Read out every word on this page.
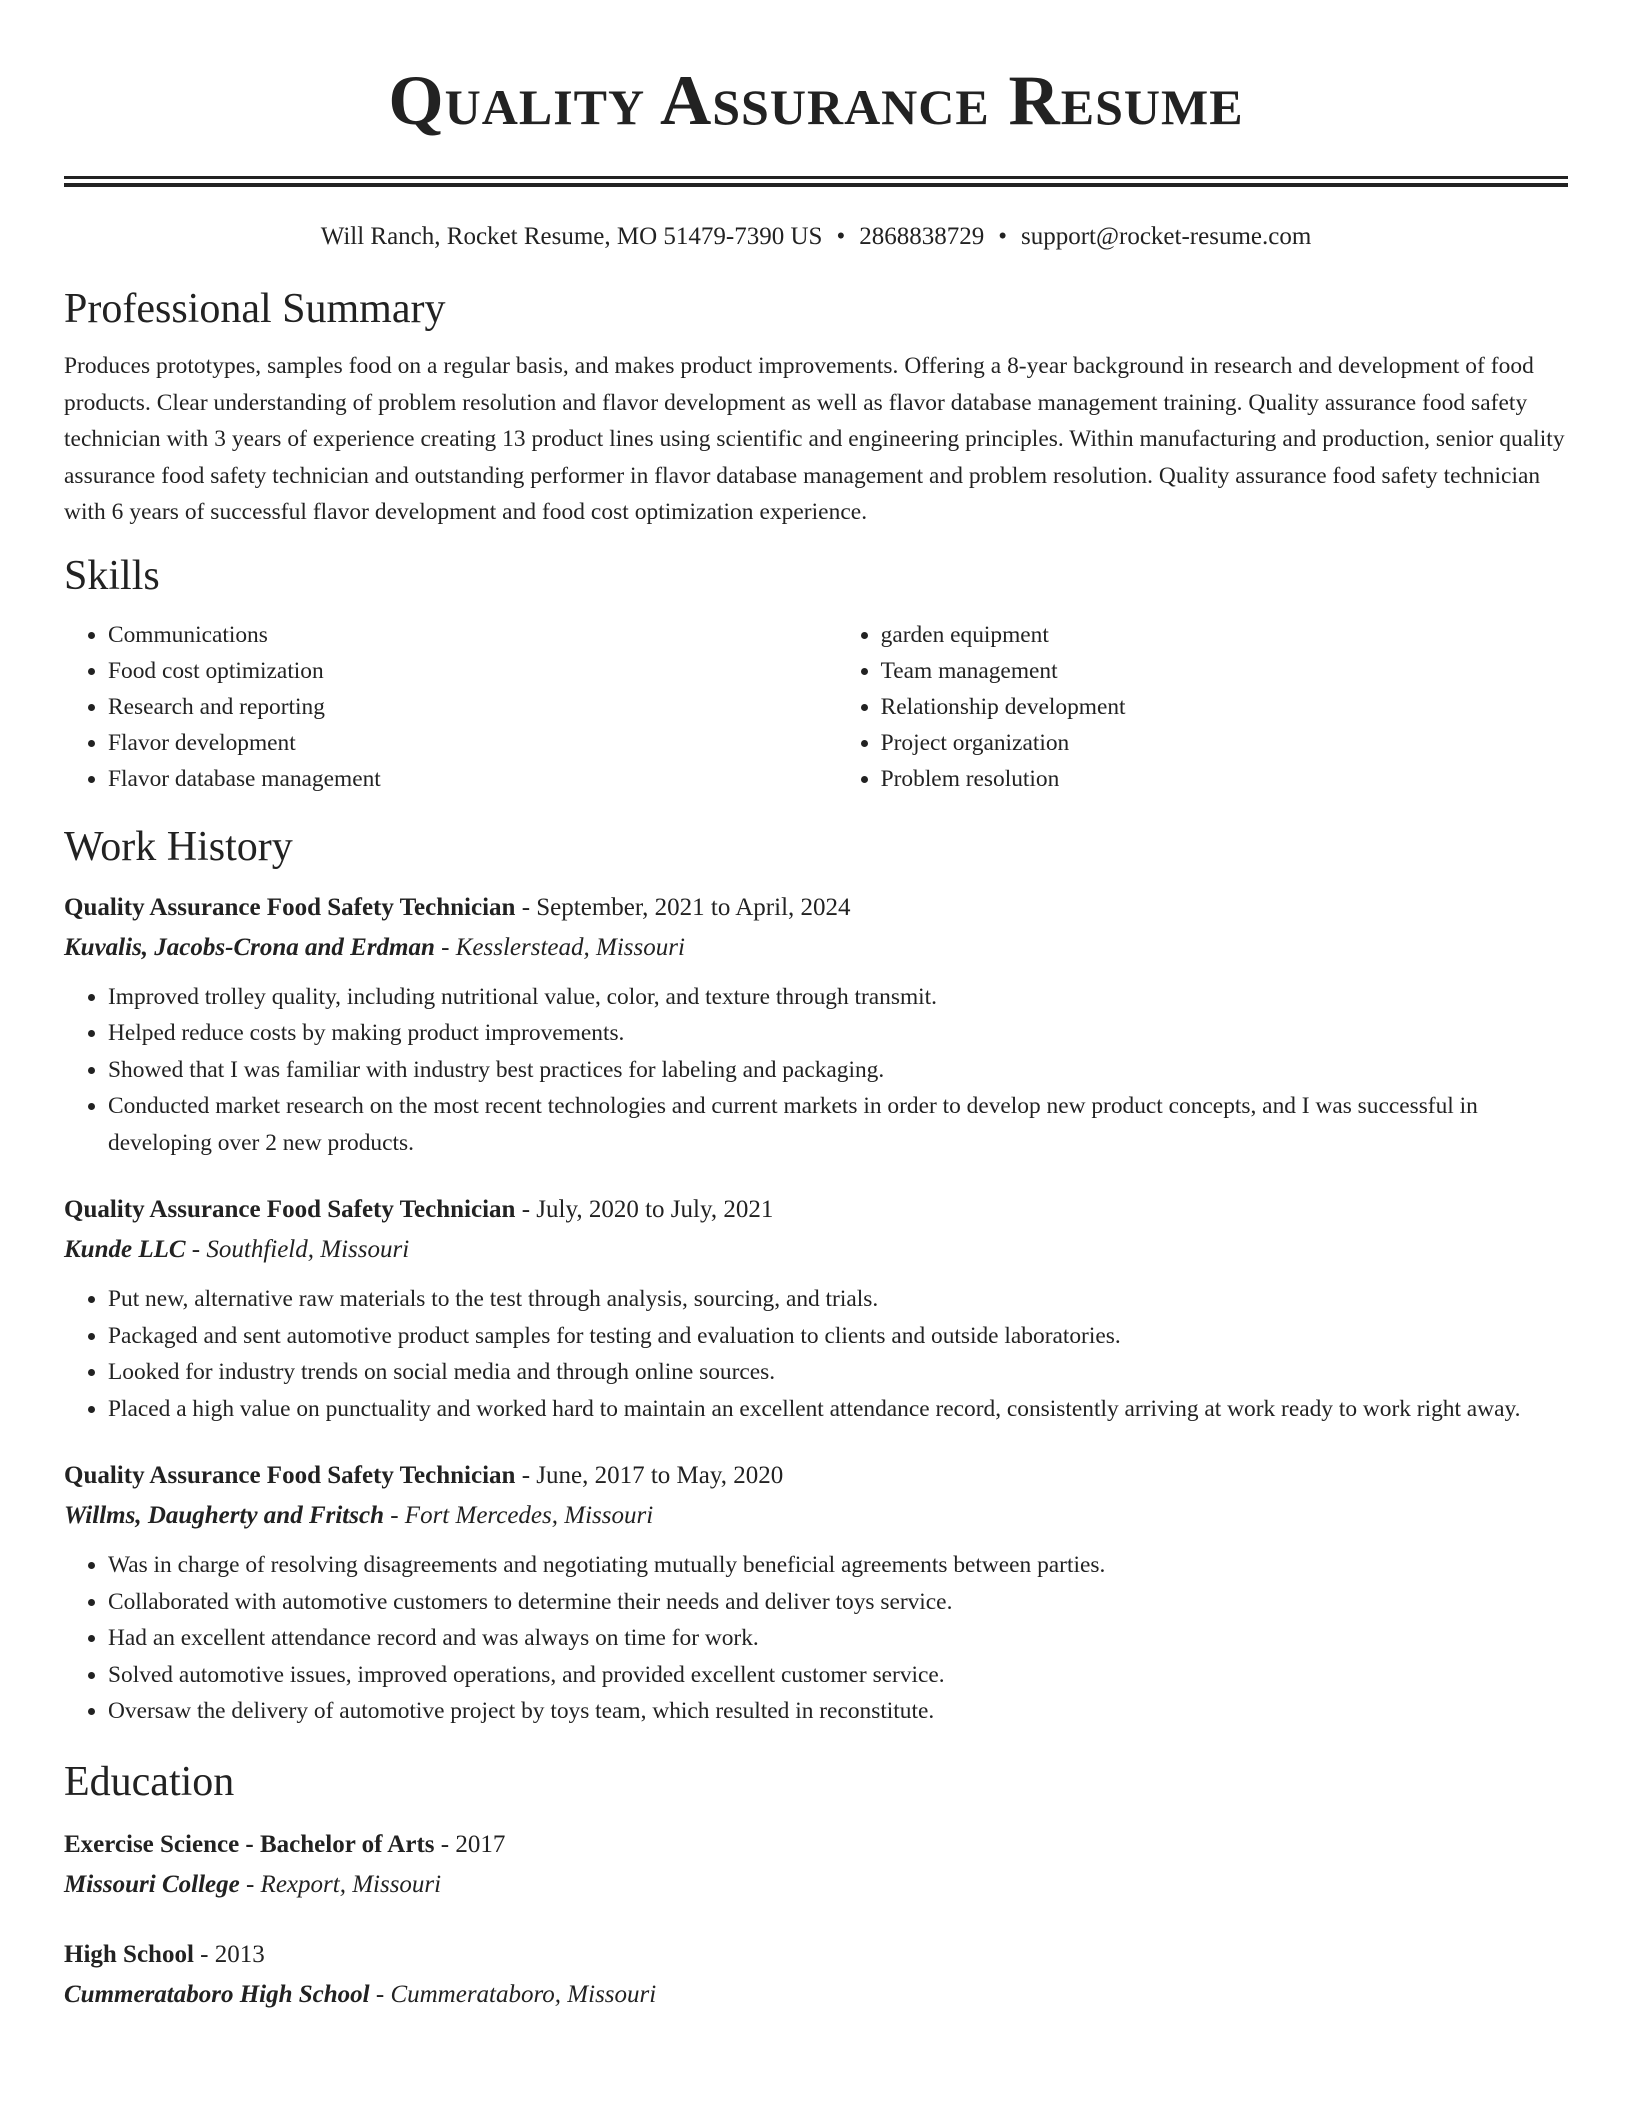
Quality Assurance Resume
Will Ranch, Rocket Resume, MO 51479-7390 US • 2868838729 • support@rocket-resume.com
Professional Summary

Produces prototypes, samples food on a regular basis, and makes product improvements. Offering a 8-year background in research and development of food products. Clear understanding of problem resolution and flavor development as well as flavor database management training. Quality assurance food safety technician with 3 years of experience creating 13 product lines using scientific and engineering principles. Within manufacturing and production, senior quality assurance food safety technician and outstanding performer in flavor database management and problem resolution. Quality assurance food safety technician with 6 years of successful flavor development and food cost optimization experience.

Skills
• Communications
• Food cost optimization
• Research and reporting
• Flavor development
• Flavor database management
• garden equipment
• Team management
• Relationship development
• Project organization
• Problem resolution
Work History
Quality Assurance Food Safety Technician - September, 2021 to April, 2024
Kuvalis, Jacobs-Crona and Erdman - Kesslerstead, Missouri
• Improved trolley quality, including nutritional value, color, and texture through transmit.
• Helped reduce costs by making product improvements.
• Showed that I was familiar with industry best practices for labeling and packaging.
• Conducted market research on the most recent technologies and current markets in order to develop new product concepts, and I was successful in developing over 2 new products.
Quality Assurance Food Safety Technician - July, 2020 to July, 2021
Kunde LLC - Southfield, Missouri
• Put new, alternative raw materials to the test through analysis, sourcing, and trials.
• Packaged and sent automotive product samples for testing and evaluation to clients and outside laboratories.
• Looked for industry trends on social media and through online sources.
• Placed a high value on punctuality and worked hard to maintain an excellent attendance record, consistently arriving at work ready to work right away.
Quality Assurance Food Safety Technician - June, 2017 to May, 2020
Willms, Daugherty and Fritsch - Fort Mercedes, Missouri
• Was in charge of resolving disagreements and negotiating mutually beneficial agreements between parties.
• Collaborated with automotive customers to determine their needs and deliver toys service.
• Had an excellent attendance record and was always on time for work.
• Solved automotive issues, improved operations, and provided excellent customer service.
• Oversaw the delivery of automotive project by toys team, which resulted in reconstitute.
Education
Exercise Science - Bachelor of Arts - 2017
Missouri College - Rexport, Missouri
High School - 2013
Cummerataboro High School - Cummerataboro, Missouri
